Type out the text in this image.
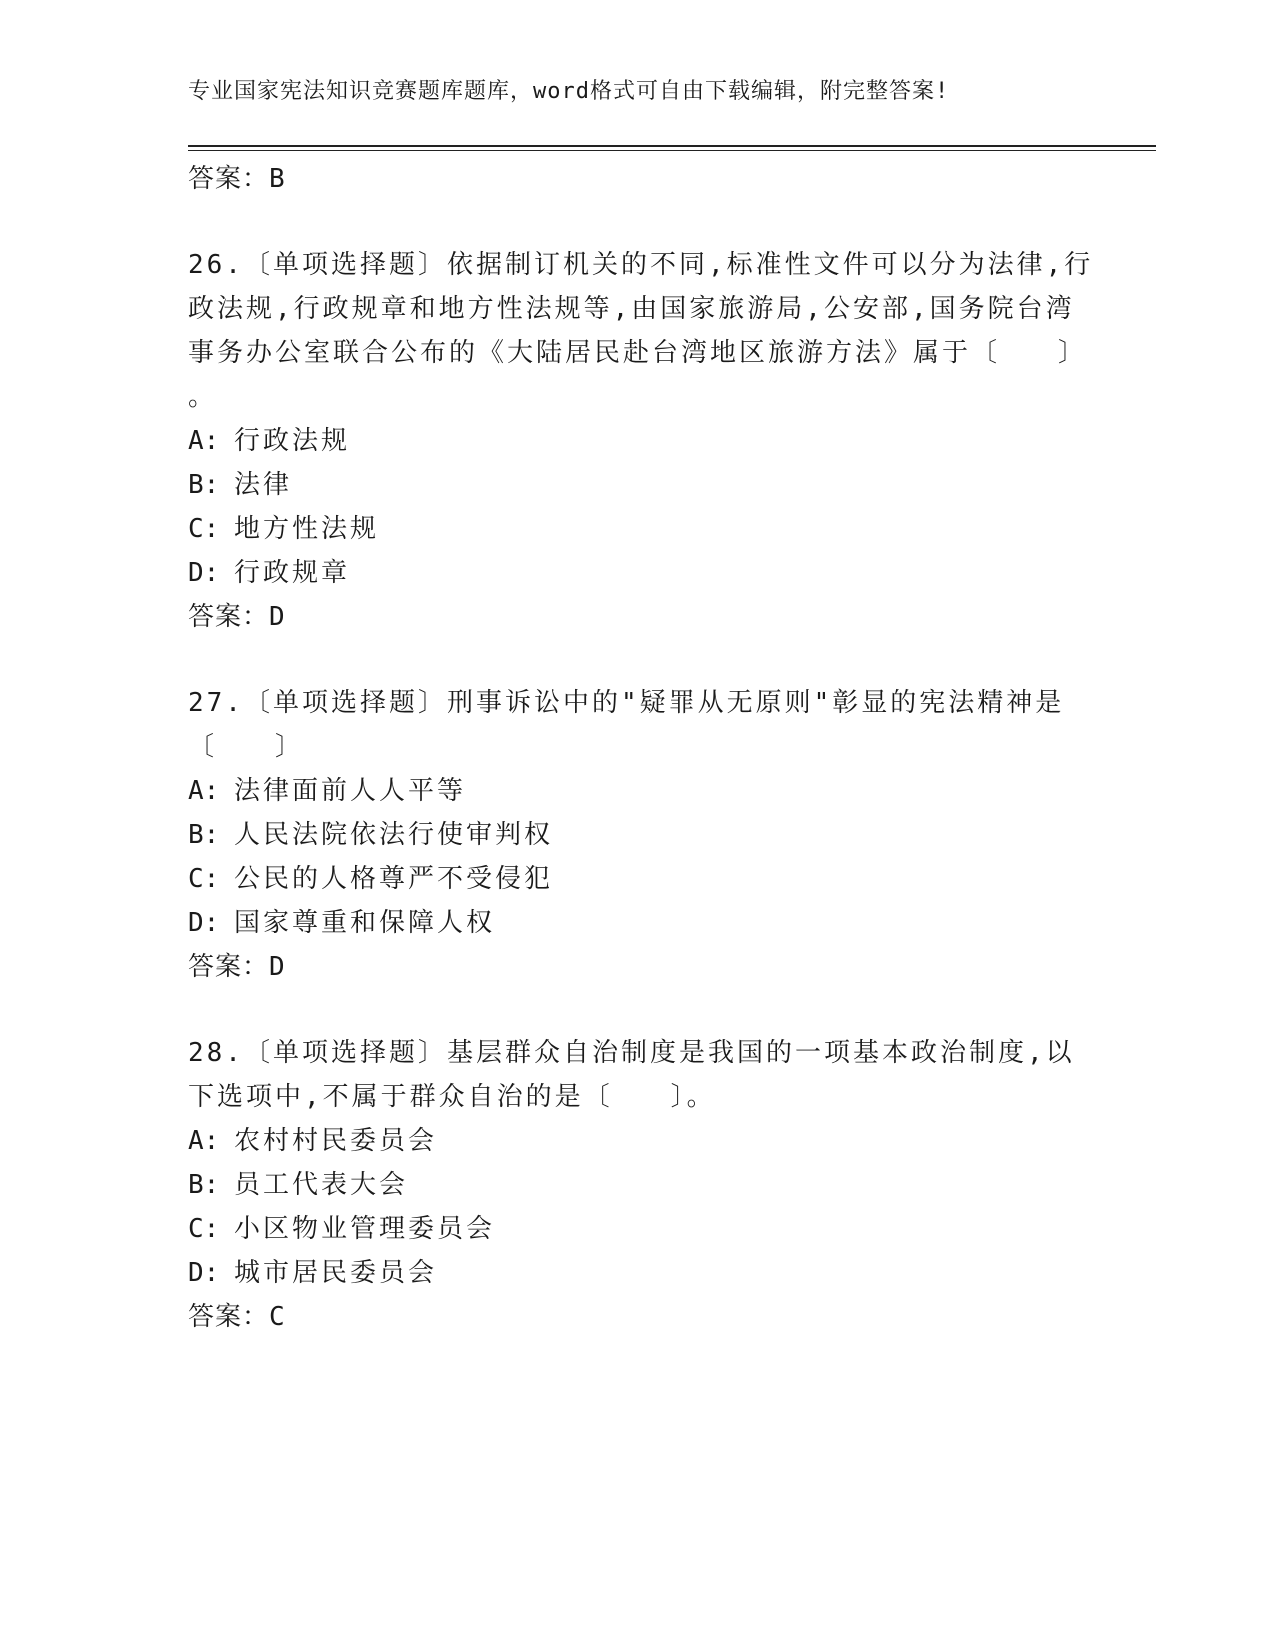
专业国家宪法知识竞赛题库题库，word格式可自由下载编辑，附完整答案!
答案：B
26.〔单项选择题〕依据制订机关的不同,标准性文件可以分为法律,行
政法规,行政规章和地方性法规等,由国家旅游局,公安部,国务院台湾
事务办公室联合公布的《大陆居民赴台湾地区旅游方法》属于〔　　〕
。
A: 行政法规
B: 法律
C: 地方性法规
D: 行政规章
答案：D
27.〔单项选择题〕刑事诉讼中的"疑罪从无原则"彰显的宪法精神是
〔　　〕
A: 法律面前人人平等
B: 人民法院依法行使审判权
C: 公民的人格尊严不受侵犯
D: 国家尊重和保障人权
答案：D
28.〔单项选择题〕基层群众自治制度是我国的一项基本政治制度,以
下选项中,不属于群众自治的是〔　　〕。
A: 农村村民委员会
B: 员工代表大会
C: 小区物业管理委员会
D: 城市居民委员会
答案：C
